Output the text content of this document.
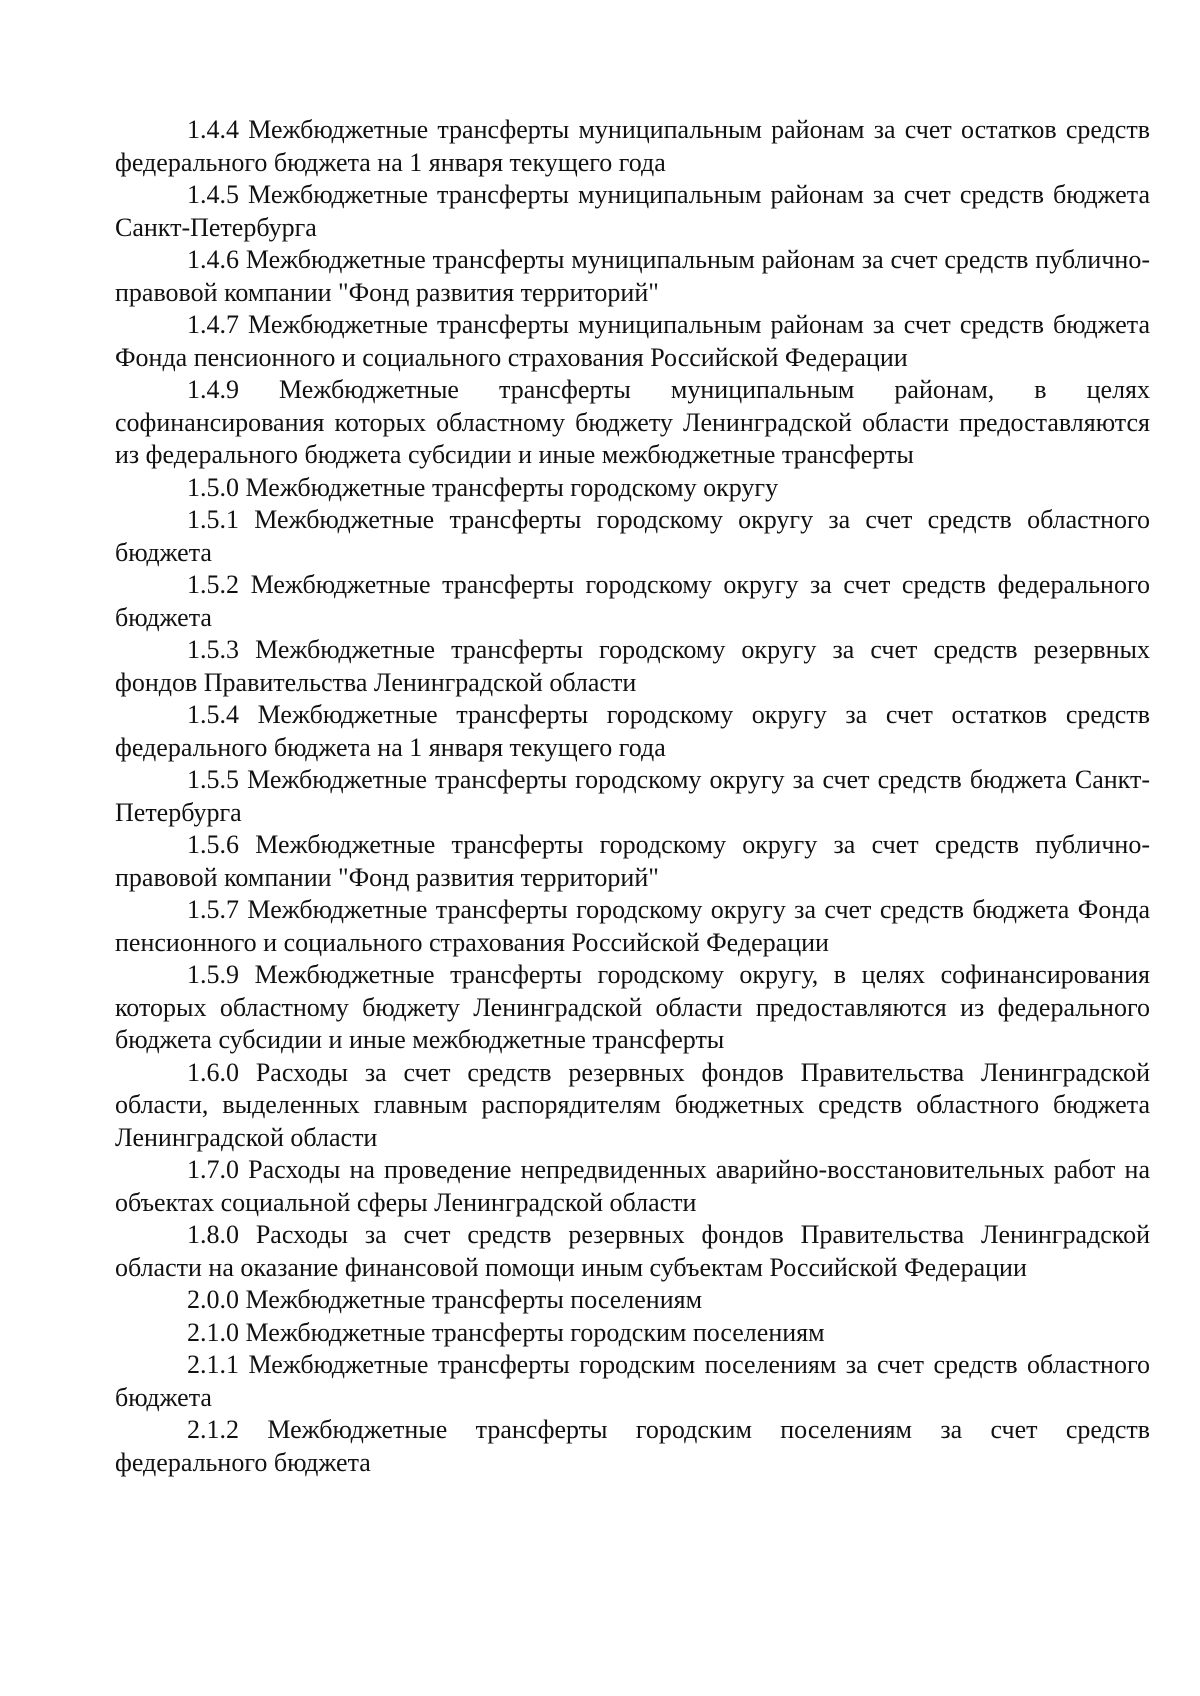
1.4.4 Межбюджетные трансферты муниципальным районам за счет остатков средств федерального бюджета на 1 января текущего года

1.4.5 Межбюджетные трансферты муниципальным районам за счет средств бюджета Санкт-Петербурга

1.4.6 Межбюджетные трансферты муниципальным районам за счет средств публично-правовой компании "Фонд развития территорий"

1.4.7 Межбюджетные трансферты муниципальным районам за счет средств бюджета Фонда пенсионного и социального страхования Российской Федерации

1.4.9 Межбюджетные трансферты муниципальным районам, в целях софинансирования которых областному бюджету Ленинградской области предоставляются из федерального бюджета субсидии и иные межбюджетные трансферты

1.5.0 Межбюджетные трансферты городскому округу

1.5.1 Межбюджетные трансферты городскому округу за счет средств областного бюджета

1.5.2 Межбюджетные трансферты городскому округу за счет средств федерального бюджета

1.5.3 Межбюджетные трансферты городскому округу за счет средств резервных фондов Правительства Ленинградской области

1.5.4 Межбюджетные трансферты городскому округу за счет остатков средств федерального бюджета на 1 января текущего года

1.5.5 Межбюджетные трансферты городскому округу за счет средств бюджета Санкт-Петербурга

1.5.6 Межбюджетные трансферты городскому округу за счет средств публично-правовой компании "Фонд развития территорий"

1.5.7 Межбюджетные трансферты городскому округу за счет средств бюджета Фонда пенсионного и социального страхования Российской Федерации

1.5.9 Межбюджетные трансферты городскому округу, в целях софинансирования которых областному бюджету Ленинградской области предоставляются из федерального бюджета субсидии и иные межбюджетные трансферты

1.6.0 Расходы за счет средств резервных фондов Правительства Ленинградской области, выделенных главным распорядителям бюджетных средств областного бюджета Ленинградской области

1.7.0 Расходы на проведение непредвиденных аварийно-восстановительных работ на объектах социальной сферы Ленинградской области

1.8.0 Расходы за счет средств резервных фондов Правительства Ленинградской области на оказание финансовой помощи иным субъектам Российской Федерации

2.0.0 Межбюджетные трансферты поселениям

2.1.0 Межбюджетные трансферты городским поселениям

2.1.1 Межбюджетные трансферты городским поселениям за счет средств областного бюджета

2.1.2 Межбюджетные трансферты городским поселениям за счет средств федерального бюджета
